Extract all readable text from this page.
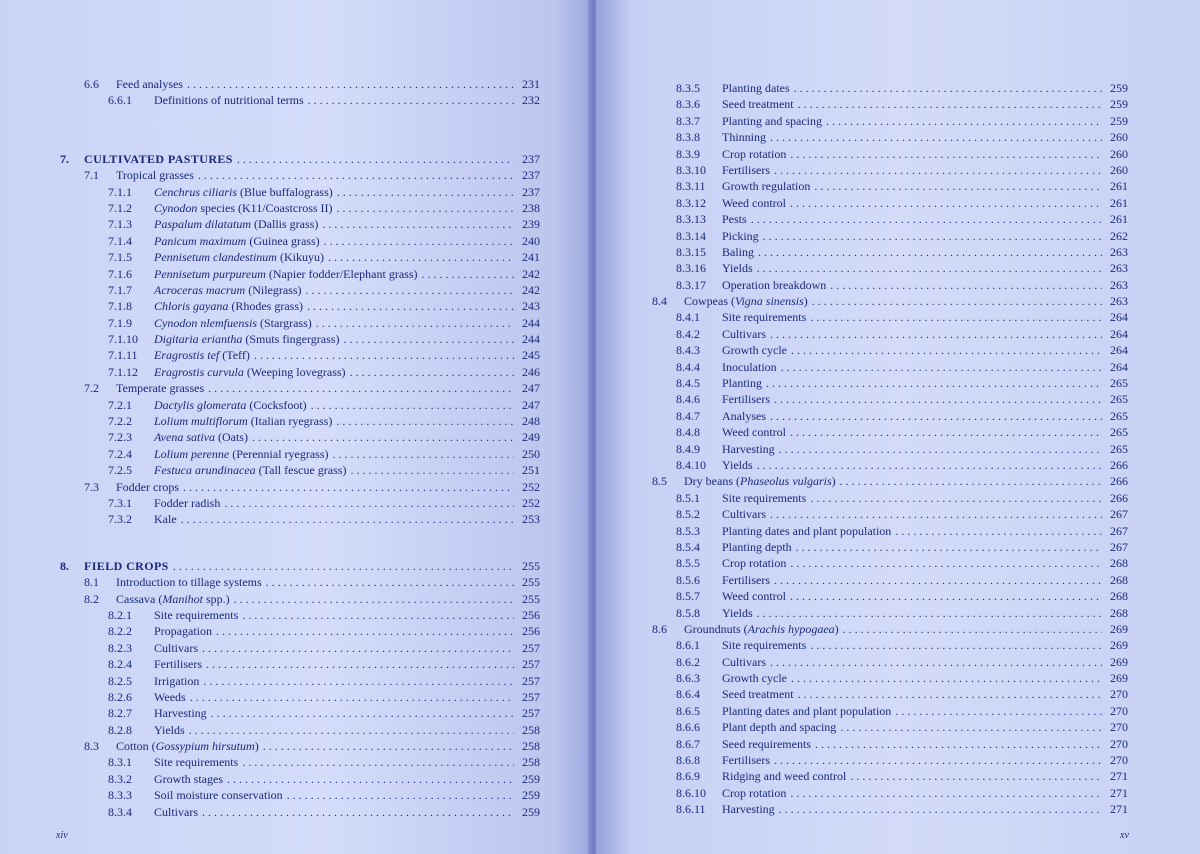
6.6	Feed analyses . . .	231
6.6.1	Definitions of nutritional terms . . .	232
7.	CULTIVATED PASTURES . . .	237
7.1	Tropical grasses . . .	237
7.1.1	Cenchrus ciliaris (Blue buffalograss) . . .	237
7.1.2	Cynodon species (K11/Coastcross II) . . .	238
7.1.3	Paspalum dilatatum (Dallis grass) . . .	239
7.1.4	Panicum maximum (Guinea grass) . . .	240
7.1.5	Pennisetum clandestinum (Kikuyu) . . .	241
7.1.6	Pennisetum purpureum (Napier fodder/Elephant grass) . . .	242
7.1.7	Acroceras macrum (Nilegrass) . . .	242
7.1.8	Chloris gayana (Rhodes grass) . . .	243
7.1.9	Cynodon nlemfuensis (Stargrass) . . .	244
7.1.10	Digitaria eriantha (Smuts fingergrass) . . .	244
7.1.11	Eragrostis tef (Teff) . . .	245
7.1.12	Eragrostis curvula (Weeping lovegrass) . . .	246
7.2	Temperate grasses . . .	247
7.2.1	Dactylis glomerata (Cocksfoot) . . .	247
7.2.2	Lolium multiflorum (Italian ryegrass) . . .	248
7.2.3	Avena sativa (Oats) . . .	249
7.2.4	Lolium perenne (Perennial ryegrass) . . .	250
7.2.5	Festuca arundinacea (Tall fescue grass) . . .	251
7.3	Fodder crops . . .	252
7.3.1	Fodder radish . . .	252
7.3.2	Kale . . .	253
8.	FIELD CROPS . . .	255
8.1	Introduction to tillage systems . . .	255
8.2	Cassava (Manihot spp.) . . .	255
8.2.1	Site requirements . . .	256
8.2.2	Propagation . . .	256
8.2.3	Cultivars . . .	257
8.2.4	Fertilisers . . .	257
8.2.5	Irrigation . . .	257
8.2.6	Weeds . . .	257
8.2.7	Harvesting . . .	257
8.2.8	Yields . . .	258
8.3	Cotton (Gossypium hirsutum) . . .	258
8.3.1	Site requirements . . .	258
8.3.2	Growth stages . . .	259
8.3.3	Soil moisture conservation . . .	259
8.3.4	Cultivars . . .	259
xiv
8.3.5	Planting dates . . .	259
8.3.6	Seed treatment . . .	259
8.3.7	Planting and spacing . . .	259
8.3.8	Thinning . . .	260
8.3.9	Crop rotation . . .	260
8.3.10	Fertilisers . . .	260
8.3.11	Growth regulation . . .	261
8.3.12	Weed control . . .	261
8.3.13	Pests . . .	261
8.3.14	Picking . . .	262
8.3.15	Baling . . .	263
8.3.16	Yields . . .	263
8.3.17	Operation breakdown . . .	263
8.4	Cowpeas (Vigna sinensis) . . .	263
8.4.1	Site requirements . . .	264
8.4.2	Cultivars . . .	264
8.4.3	Growth cycle . . .	264
8.4.4	Inoculation . . .	264
8.4.5	Planting . . .	265
8.4.6	Fertilisers . . .	265
8.4.7	Analyses . . .	265
8.4.8	Weed control . . .	265
8.4.9	Harvesting . . .	265
8.4.10	Yields . . .	266
8.5	Dry beans (Phaseolus vulgaris) . . .	266
8.5.1	Site requirements . . .	266
8.5.2	Cultivars . . .	267
8.5.3	Planting dates and plant population . . .	267
8.5.4	Planting depth . . .	267
8.5.5	Crop rotation . . .	268
8.5.6	Fertilisers . . .	268
8.5.7	Weed control . . .	268
8.5.8	Yields . . .	268
8.6	Groundnuts (Arachis hypogaea) . . .	269
8.6.1	Site requirements . . .	269
8.6.2	Cultivars . . .	269
8.6.3	Growth cycle . . .	269
8.6.4	Seed treatment . . .	270
8.6.5	Planting dates and plant population . . .	270
8.6.6	Plant depth and spacing . . .	270
8.6.7	Seed requirements . . .	270
8.6.8	Fertilisers . . .	270
8.6.9	Ridging and weed control . . .	271
8.6.10	Crop rotation . . .	271
8.6.11	Harvesting . . .	271
xv
